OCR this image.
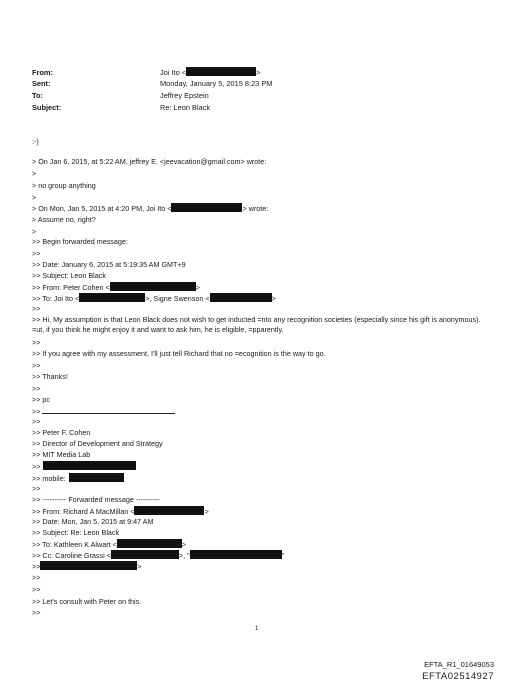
From:	Joi Ito <	>
Sent:	Monday, January 5, 2015 8:23 PM
To:	Jeffrey Epstein
Subject:	Re: Leon Black
:-)
> On Jan 6, 2015, at 5:22 AM, jeffrey E. <jeevacation@gmail.com> wrote:
>
> no group anything
>
> On Mon, Jan 5, 2015 at 4:20 PM, Joi Ito <	> wrote:
> Assume no, right?
>
>> Begin forwarded message:
>>
>> Date: January 6, 2015 at 5:19:35 AM GMT+9
>> Subject: Leon Black
>> From: Peter Cohen <	>
>> To: Joi Ito <	>, Signe Swenson <	>
>>
>> Hi. My assumption is that Leon Black does not wish to get inducted =nto any recognition societies (especially since his gift is anonymous). =ut, if you think he might enjoy it and want to ask him, he is eligible, =pparently.
>>
>> If you agree with my assessment, I'll just tell Richard that no =ecognition is the way to go.
>>
>> Thanks!
>>
>> pc
>>
>>
>> Peter F. Cohen
>> Director of Development and Strategy
>> MIT Media Lab
>>
>> mobile:
>>
>> ---------- Forwarded message ----------
>> From: Richard A MacMillan <	>
>> Date: Mon, Jan 5, 2015 at 9:47 AM
>> Subject: Re: Leon Black
>> To: Kathleen K Alwart <	>
>> Cc: Caroline Grassi <	>, "	"
>>	>
>>
>>
>> Let's consult with Peter on this.
>>
1
EFTA_R1_01649053
EFTA02514927
